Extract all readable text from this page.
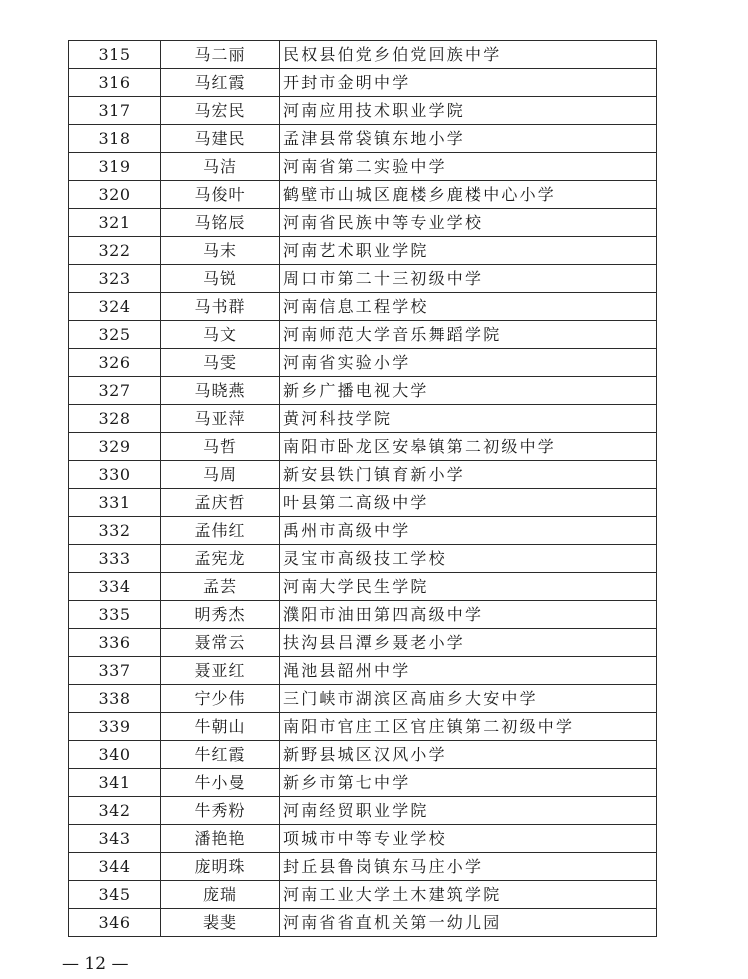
315	马二丽	民权县伯党乡伯党回族中学
316	马红霞	开封市金明中学
317	马宏民	河南应用技术职业学院
318	马建民	孟津县常袋镇东地小学
319	马洁	河南省第二实验中学
320	马俊叶	鹤壁市山城区鹿楼乡鹿楼中心小学
321	马铭辰	河南省民族中等专业学校
322	马末	河南艺术职业学院
323	马锐	周口市第二十三初级中学
324	马书群	河南信息工程学校
325	马文	河南师范大学音乐舞蹈学院
326	马雯	河南省实验小学
327	马晓燕	新乡广播电视大学
328	马亚萍	黄河科技学院
329	马哲	南阳市卧龙区安皋镇第二初级中学
330	马周	新安县铁门镇育新小学
331	孟庆哲	叶县第二高级中学
332	孟伟红	禹州市高级中学
333	孟宪龙	灵宝市高级技工学校
334	孟芸	河南大学民生学院
335	明秀杰	濮阳市油田第四高级中学
336	聂常云	扶沟县吕潭乡聂老小学
337	聂亚红	渑池县韶州中学
338	宁少伟	三门峡市湖滨区高庙乡大安中学
339	牛朝山	南阳市官庄工区官庄镇第二初级中学
340	牛红霞	新野县城区汉风小学
341	牛小曼	新乡市第七中学
342	牛秀粉	河南经贸职业学院
343	潘艳艳	项城市中等专业学校
344	庞明珠	封丘县鲁岗镇东马庄小学
345	庞瑞	河南工业大学土木建筑学院
346	裴斐	河南省省直机关第一幼儿园
— 12 —
